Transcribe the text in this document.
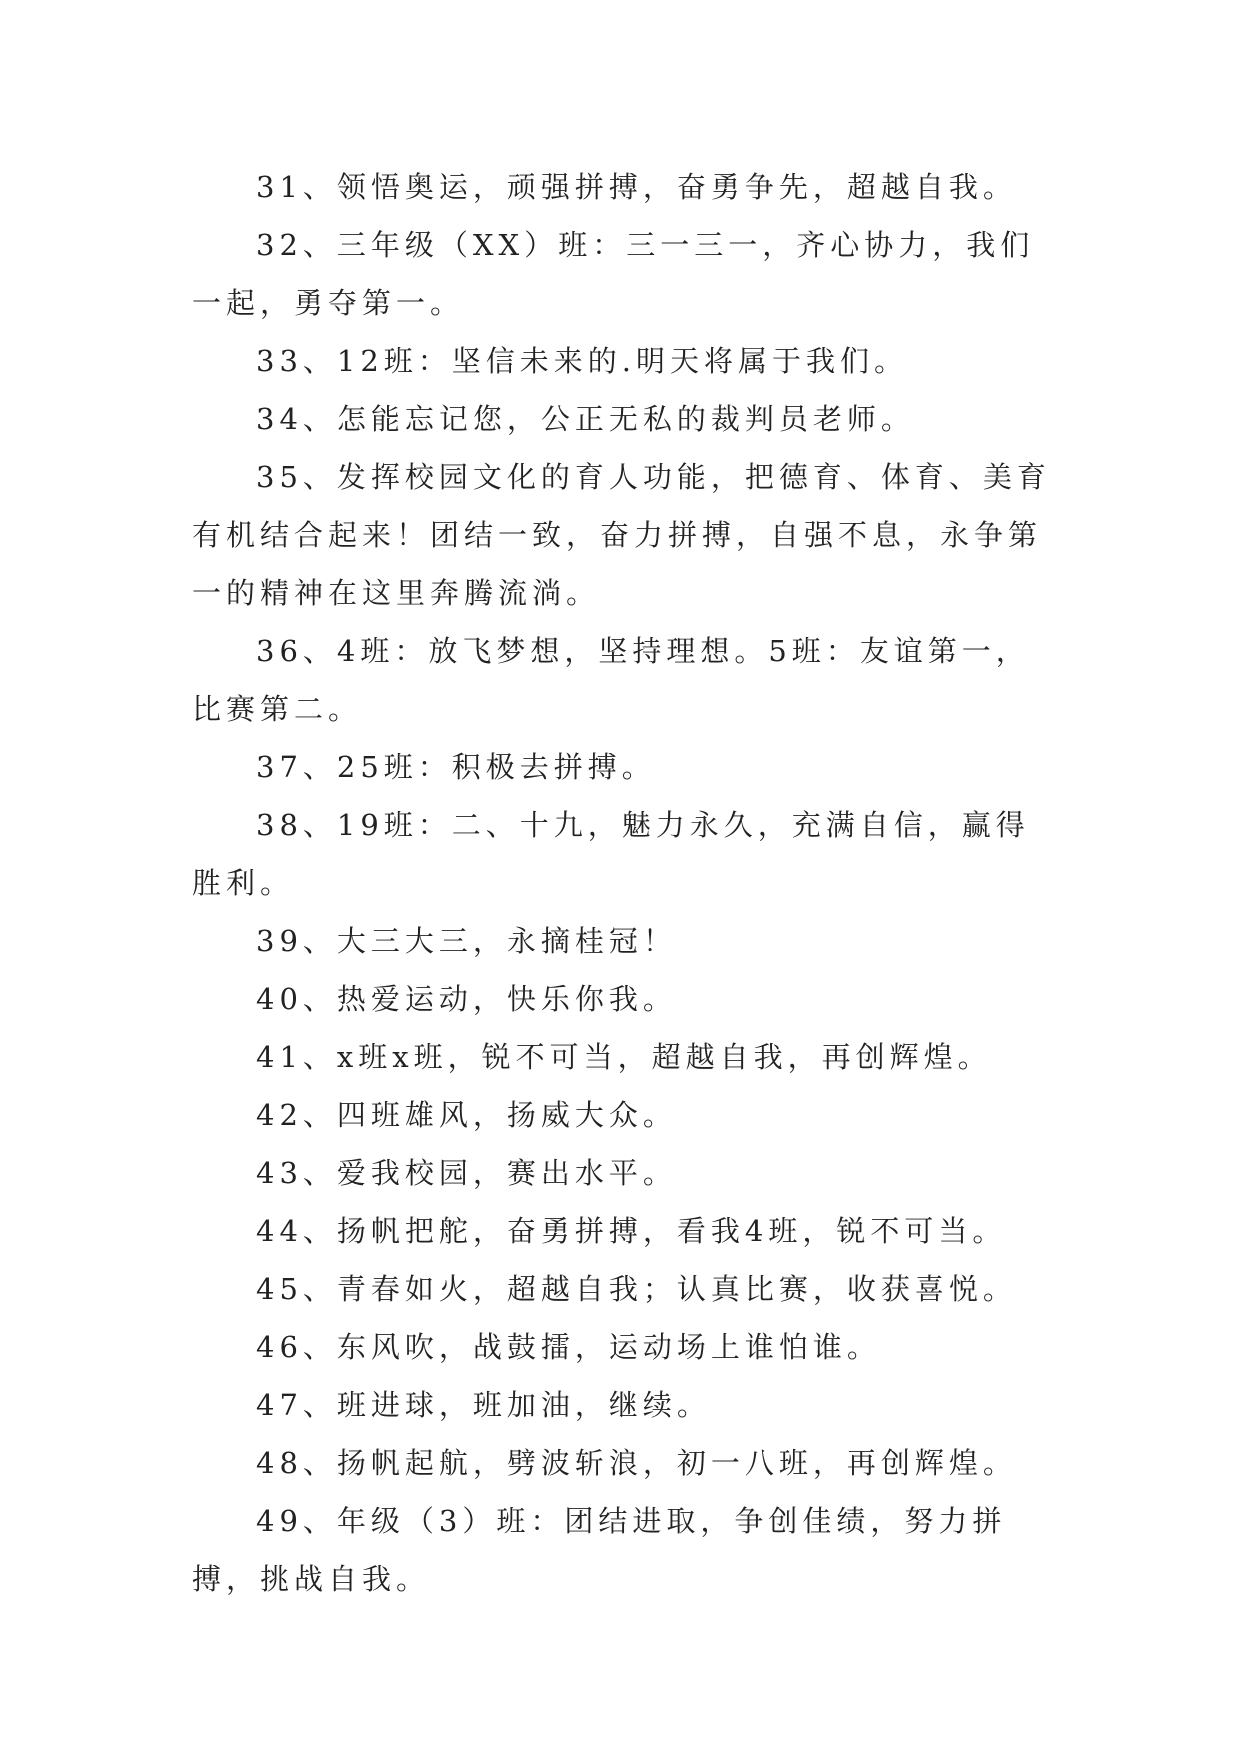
31、领悟奥运，顽强拼搏，奋勇争先，超越自我。

32、三年级（XX）班：三一三一，齐心协力，我们一起，勇夺第一。

33、12班：坚信未来的.明天将属于我们。

34、怎能忘记您，公正无私的裁判员老师。

35、发挥校园文化的育人功能，把德育、体育、美育有机结合起来！团结一致，奋力拼搏，自强不息，永争第一的精神在这里奔腾流淌。

36、4班：放飞梦想，坚持理想。5班：友谊第一，比赛第二。

37、25班：积极去拼搏。

38、19班：二、十九，魅力永久，充满自信，赢得胜利。

39、大三大三，永摘桂冠！

40、热爱运动，快乐你我。

41、x班x班，锐不可当，超越自我，再创辉煌。

42、四班雄风，扬威大众。

43、爱我校园，赛出水平。

44、扬帆把舵，奋勇拼搏，看我4班，锐不可当。

45、青春如火，超越自我；认真比赛，收获喜悦。

46、东风吹，战鼓擂，运动场上谁怕谁。

47、班进球，班加油，继续。

48、扬帆起航，劈波斩浪，初一八班，再创辉煌。

49、年级（3）班：团结进取，争创佳绩，努力拼搏，挑战自我。
